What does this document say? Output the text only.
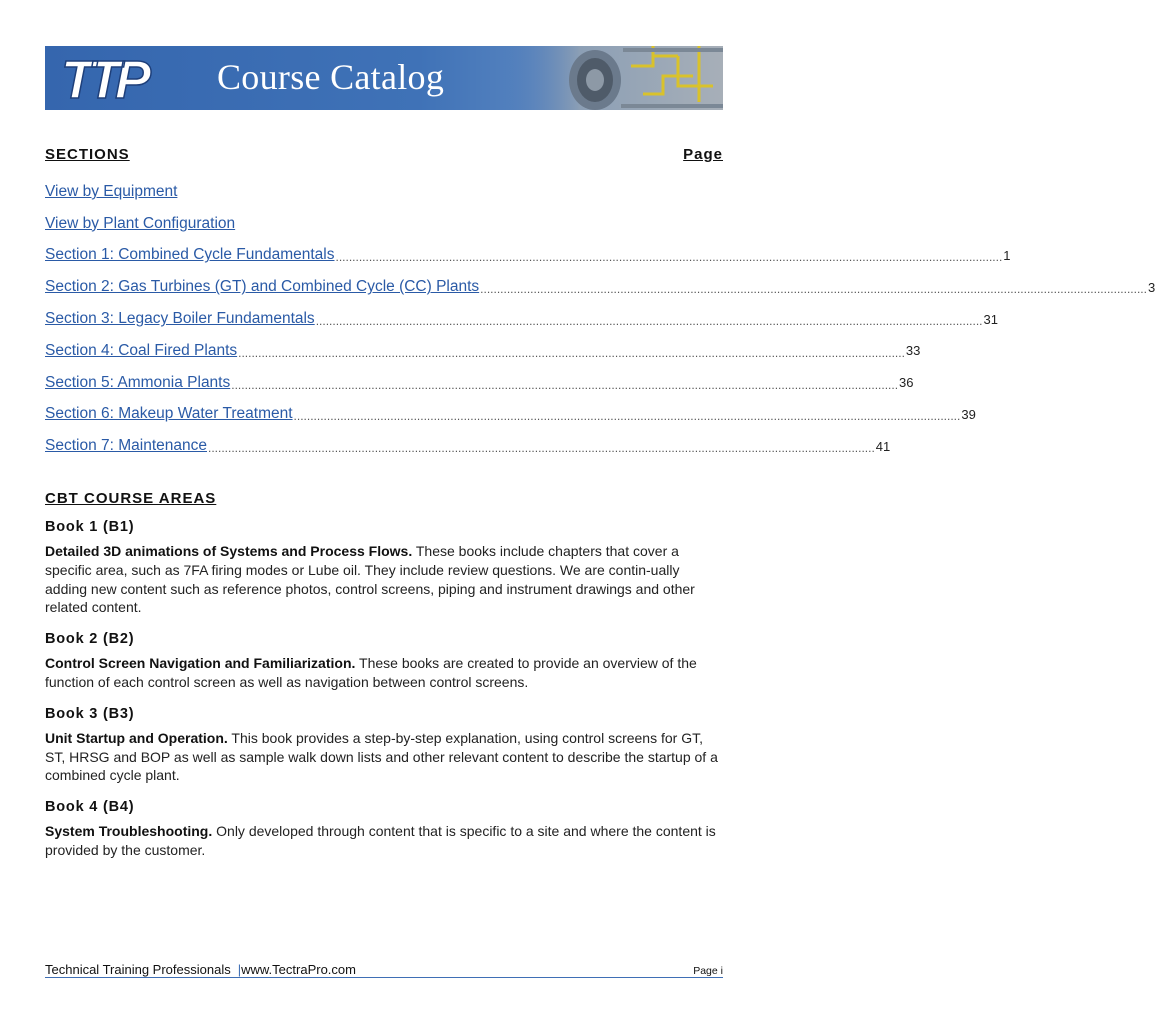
TTP Course Catalog
SECTIONS	Page
View by Equipment
View by Plant Configuration
Section 1: Combined Cycle Fundamentals ........................................................................................................................................................................................................ 1
Section 2: Gas Turbines (GT) and Combined Cycle (CC) Plants ........................................................................................................................................................................................................ 3
Section 3: Legacy Boiler Fundamentals ........................................................................................................................................................................................................ 31
Section 4: Coal Fired Plants ........................................................................................................................................................................................................ 33
Section 5: Ammonia Plants ........................................................................................................................................................................................................ 36
Section 6: Makeup Water Treatment ........................................................................................................................................................................................................ 39
Section 7: Maintenance ........................................................................................................................................................................................................ 41
CBT COURSE AREAS
Book 1 (B1)

Detailed 3D animations of Systems and Process Flows. These books include chapters that cover a specific area, such as 7FA firing modes or Lube oil. They include review questions. We are contin-ually adding new content such as reference photos, control screens, piping and instrument drawings and other related content.

Book 2 (B2)

Control Screen Navigation and Familiarization. These books are created to provide an overview of the function of each control screen as well as navigation between control screens.

Book 3 (B3)

Unit Startup and Operation. This book provides a step-by-step explanation, using control screens for GT, ST, HRSG and BOP as well as sample walk down lists and other relevant content to describe the startup of a combined cycle plant.

Book 4 (B4)

System Troubleshooting. Only developed through content that is specific to a site and where the content is provided by the customer.

Technical Training Professionals |www.TectraPro.com	Page i
